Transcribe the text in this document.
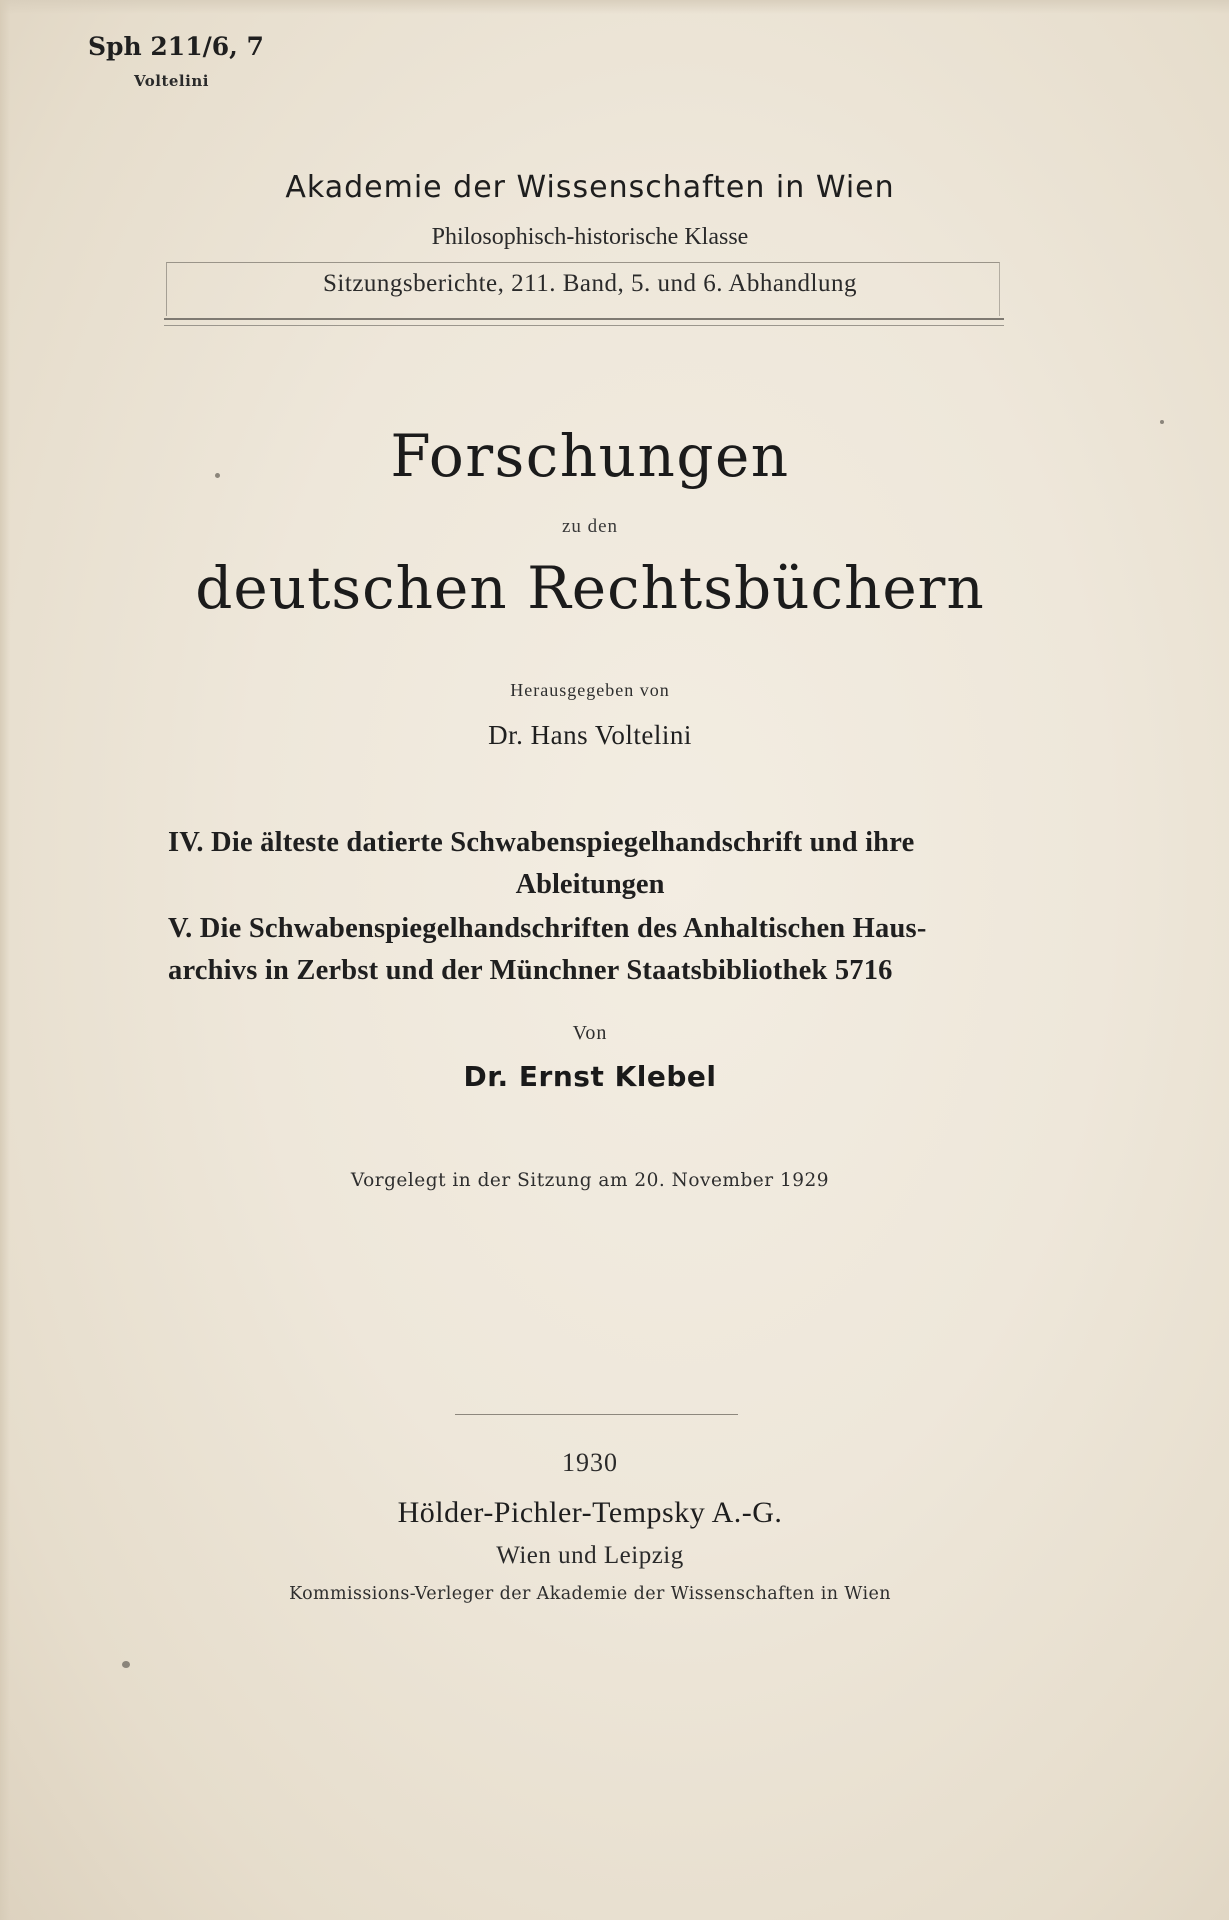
Sph 211/6, 7
Voltelini
Akademie der Wissenschaften in Wien
Philosophisch-historische Klasse
Sitzungsberichte, 211. Band, 5. und 6. Abhandlung
Forschungen
zu den
deutschen Rechtsbüchern
Herausgegeben von
Dr. Hans Voltelini
IV. Die älteste datierte Schwabenspiegelhandschrift und ihre
Ableitungen
V. Die Schwabenspiegelhandschriften des Anhaltischen Haus-
archivs in Zerbst und der Münchner Staatsbibliothek 5716
Von
Dr. Ernst Klebel
Vorgelegt in der Sitzung am 20. November 1929
1930
Hölder-Pichler-Tempsky A.-G.
Wien und Leipzig
Kommissions-Verleger der Akademie der Wissenschaften in Wien
